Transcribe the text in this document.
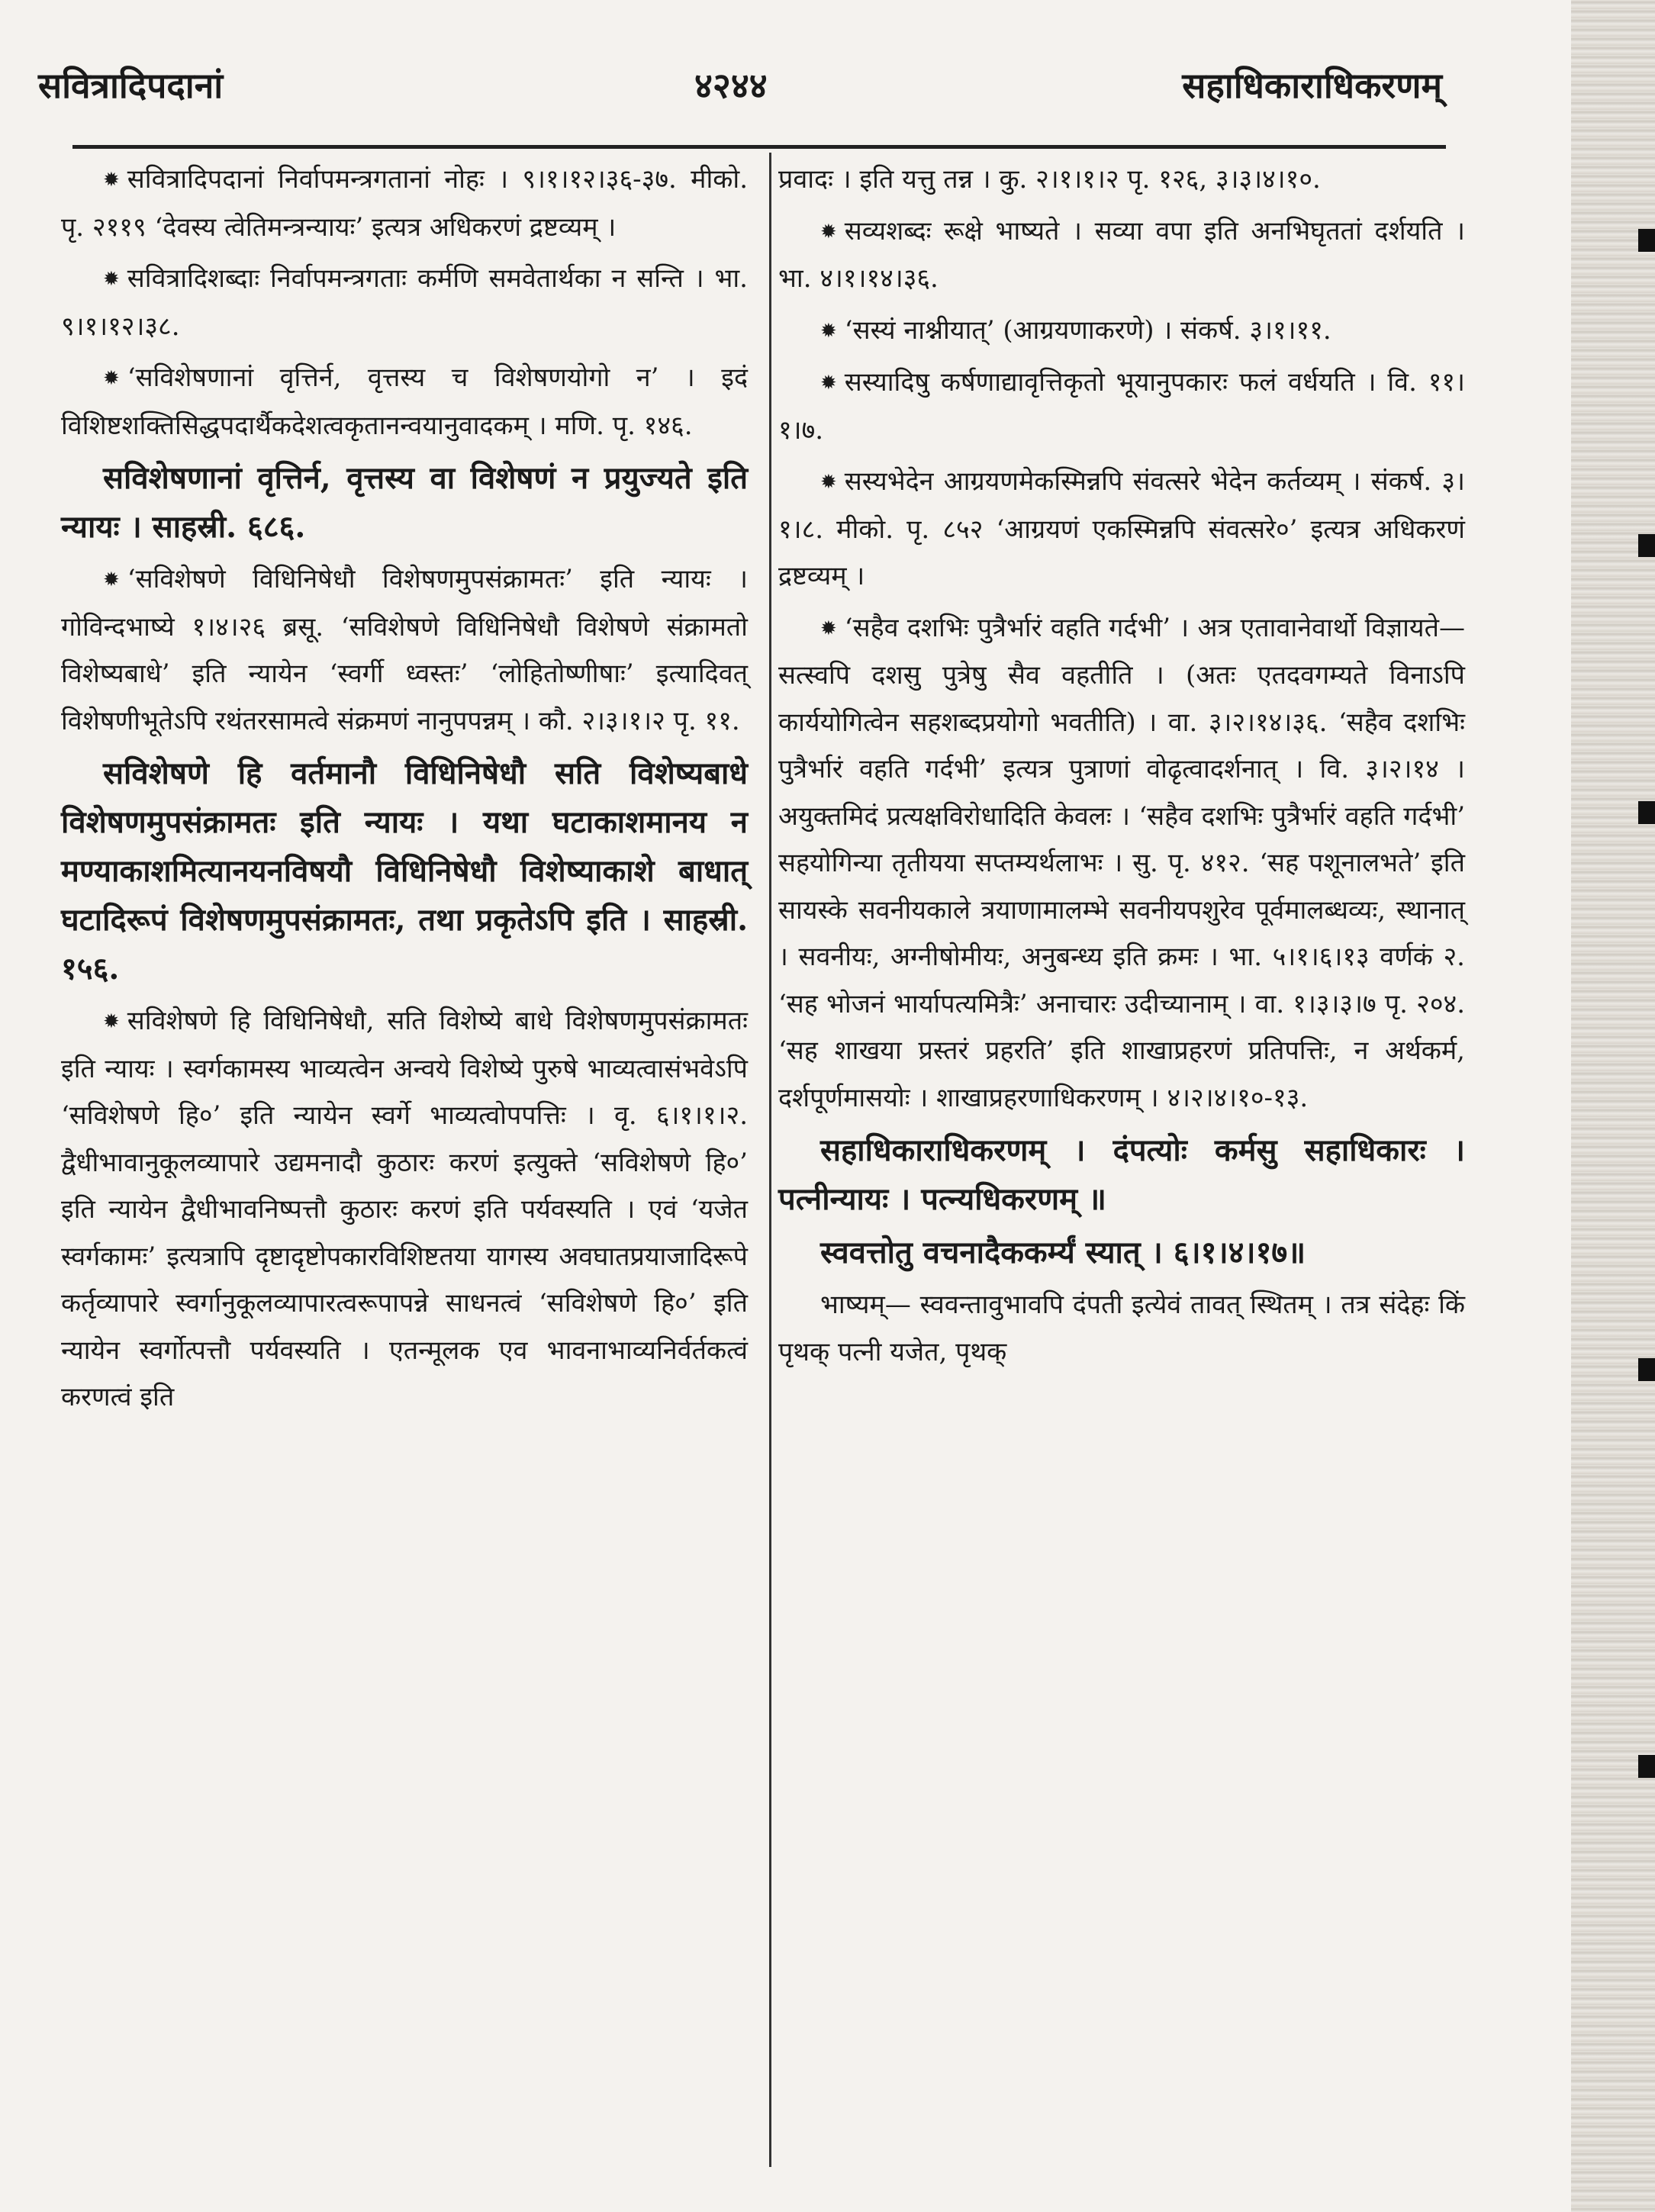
सवित्रादिपदानां	४२४४	सहाधिकाराधिकरणम्

✹ सवित्रादिपदानां निर्वापमन्त्रगतानां नोहः । ९।१।१२।३६-३७. मीको. पृ. २११९ ‘देवस्य त्वेतिमन्त्रन्यायः’ इत्यत्र अधिकरणं द्रष्टव्यम् ।

✹ सवित्रादिशब्दाः निर्वापमन्त्रगताः कर्मणि समवेतार्थका न सन्ति । भा. ९।१।१२।३८.

✹ ‘सविशेषणानां वृत्तिर्न, वृत्तस्य च विशेषणयोगो न’ । इदं विशिष्टशक्तिसिद्धपदार्थैकदेशत्वकृतानन्वयानुवादकम् । मणि. पृ. १४६.

सविशेषणानां वृत्तिर्न, वृत्तस्य वा विशेषणं न प्रयुज्यते इति न्यायः । साहस्री. ६८६.

✹ ‘सविशेषणे विधिनिषेधौ विशेषणमुपसंक्रामतः’ इति न्यायः । गोविन्दभाष्ये १।४।२६ ब्रसू. ‘सविशेषणे विधिनिषेधौ विशेषणे संक्रामतो विशेष्यबाधे’ इति न्यायेन ‘स्वर्गी ध्वस्तः’ ‘लोहितोष्णीषाः’ इत्यादिवत् विशेषणीभूतेऽपि रथंतरसामत्वे संक्रमणं नानुपपन्नम् । कौ. २।३।१।२ पृ. ११.

सविशेषणे हि वर्तमानौ विधिनिषेधौ सति विशेष्यबाधे विशेषणमुपसंक्रामतः इति न्यायः । यथा घटाकाशमानय न मण्याकाशमित्यानयनविषयौ विधिनिषेधौ विशेष्याकाशे बाधात् घटादिरूपं विशेषणमुपसंक्रामतः, तथा प्रकृतेऽपि इति । साहस्री. १५६.

✹ सविशेषणे हि विधिनिषेधौ, सति विशेष्ये बाधे विशेषणमुपसंक्रामतः इति न्यायः । स्वर्गकामस्य भाव्यत्वेन अन्वये विशेष्ये पुरुषे भाव्यत्वासंभवेऽपि ‘सविशेषणे हि०’ इति न्यायेन स्वर्गे भाव्यत्वोपपत्तिः । वृ. ६।१।१।२. द्वैधीभावानुकूलव्यापारे उद्यमनादौ कुठारः करणं इत्युक्ते ‘सविशेषणे हि०’ इति न्यायेन द्वैधीभावनिष्पत्तौ कुठारः करणं इति पर्यवस्यति । एवं ‘यजेत स्वर्गकामः’ इत्यत्रापि दृष्टादृष्टोपकारविशिष्टतया यागस्य अवघातप्रयाजादिरूपे कर्तृव्यापारे स्वर्गानुकूलव्यापारत्वरूपापन्ने साधनत्वं ‘सविशेषणे हि०’ इति न्यायेन स्वर्गोत्पत्तौ पर्यवस्यति । एतन्मूलक एव भावनाभाव्यनिर्वर्तकत्वं करणत्वं इति

प्रवादः । इति यत्तु तन्न । कु. २।१।१।२ पृ. १२६, ३।३।४।१०.

✹ सव्यशब्दः रूक्षे भाष्यते । सव्या वपा इति अनभिघृततां दर्शयति । भा. ४।१।१४।३६.

✹ ‘सस्यं नाश्नीयात्’ (आग्रयणाकरणे) । संकर्ष. ३।१।११.

✹ सस्यादिषु कर्षणाद्यावृत्तिकृतो भूयानुपकारः फलं वर्धयति । वि. ११।१।७.

✹ सस्यभेदेन आग्रयणमेकस्मिन्नपि संवत्सरे भेदेन कर्तव्यम् । संकर्ष. ३।१।८. मीको. पृ. ८५२ ‘आग्रयणं एकस्मिन्नपि संवत्सरे०’ इत्यत्र अधिकरणं द्रष्टव्यम् ।

✹ ‘सहैव दशभिः पुत्रैर्भारं वहति गर्दभी’ । अत्र एतावानेवार्थो विज्ञायते— सत्स्वपि दशसु पुत्रेषु सैव वहतीति । (अतः एतदवगम्यते विनाऽपि कार्ययोगित्वेन सहशब्दप्रयोगो भवतीति) । वा. ३।२।१४।३६. ‘सहैव दशभिः पुत्रैर्भारं वहति गर्दभी’ इत्यत्र पुत्राणां वोढृत्वादर्शनात् । वि. ३।२।१४ । अयुक्तमिदं प्रत्यक्षविरोधादिति केवलः । ‘सहैव दशभिः पुत्रैर्भारं वहति गर्दभी’ सहयोगिन्या तृतीयया सप्तम्यर्थलाभः । सु. पृ. ४१२. ‘सह पशूनालभते’ इति सायस्के सवनीयकाले त्रयाणामालम्भे सवनीयपशुरेव पूर्वमालब्धव्यः, स्थानात् । सवनीयः, अग्नीषोमीयः, अनुबन्ध्य इति क्रमः । भा. ५।१।६।१३ वर्णकं २. ‘सह भोजनं भार्यापत्यमित्रैः’ अनाचारः उदीच्यानाम् । वा. १।३।३।७ पृ. २०४. ‘सह शाखया प्रस्तरं प्रहरति’ इति शाखाप्रहरणं प्रतिपत्तिः, न अर्थकर्म, दर्शपूर्णमासयोः । शाखाप्रहरणाधिकरणम् । ४।२।४।१०-१३.

सहाधिकाराधिकरणम् । दंपत्योः कर्मसु सहाधिकारः । पत्नीन्यायः । पत्न्यधिकरणम् ॥

स्ववत्तोतु वचनादैककर्म्यं स्यात् । ६।१।४।१७॥

भाष्यम्— स्ववन्तावुभावपि दंपती इत्येवं तावत् स्थितम् । तत्र संदेहः किं पृथक् पत्नी यजेत, पृथक्
